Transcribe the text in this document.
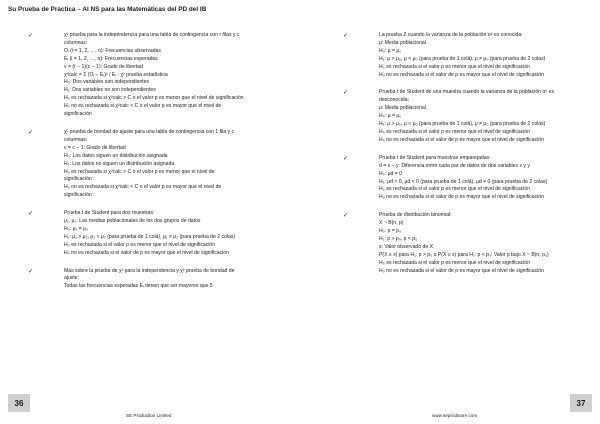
Su Prueba de Práctica – AI NS para las Matemáticas del PD del IB
✓	χ² prueba para la independencia para una tabla de contingencia con r filas y c
columnas:
Oᵢ (i = 1, 2, …, n): Frecuencias observadas
Eᵢ (i = 1, 2, …, n): Frecuencias esperadas
v = (r − 1)(c − 1): Grado de libertad
χ²calc = Σ (Oᵢ − Eᵢ)² / Eᵢ : χ² prueba estadística
H₀: Dos variables son independientes
H₁: Dos variables no son independientes
H₀ es rechazada si χ²calc > C o el valor p es menor que el nivel de significación
H₀ no es rechazada si χ²calc < C o el valor p es mayor que el nivel de
significación
✓	χ² prueba de bondad de ajuste para una tabla de contingencia con 1 fila y c
columnas:
v = c − 1: Grado de libertad
H₀: Los datos siguen un distribución asignada
H₁: Los datos no siguen un distribución asignada
H₀ es rechazada si χ²calc > C o el valor p es menor que el nivel de
significación
H₀ no es rechazada si χ²calc < C o el valor p es mayor que el nivel de
significación
✓	Prueba t de Student para dos muestras:
μ₁, μ₂: Las medias poblacionales de los dos grupos de datos
H₀: μ₁ = μ₂
H₁: μ₁ > μ₂, μ₁ < μ₂ (para prueba de 1 colá), μ₁ ≠ μ₂ (para prueba de 2 colas)
H₀ es rechazada si el valor p es menor que el nivel de significación
H₀ no es rechazada si el valor de p es mayor que el nivel de significación
✓	Más sobre la prueba de χ² para la independencia y χ² prueba de bondad de
ajuste:
Todas las frecuencias esperadas Eᵢ tienen que ser mayores que 5
✓	La prueba Z cuando la varianza de la población σ² es conocida:
μ: Media poblacional
H₀: μ = μ₀
H₁: μ > μ₀, μ < μ₀ (para prueba de 1 colá), μ ≠ μ₀ (para prueba de 2 colas)
H₀ es rechazada si el valor p es menor que el nivel de significación
H₀ no es rechazada si el valor de p es mayor que el nivel de significación
✓	Prueba t de Student de una muestra cuando la varianza de la población σ² es
desconocida:
μ: Media poblacional
H₀: μ = μ₀
H₁: μ > μ₀, μ < μ₀ (para prueba de 1 colá), μ ≠ μ₀ (para prueba de 2 colas)
H₀ es rechazada si el valor p es menor que el nivel de significación
H₀ no es rechazada si el valor de p es mayor que el nivel de significación
✓	Prueba t de Student para muestras emparejadas:
d = x − y: Diferencia entre cada par de datos de dos variables x y y
H₀: μd = 0
H₁: μd > 0, μd < 0 (para prueba de 1 colá), μd ≠ 0 (para prueba de 2 colas)
H₀ es rechazada si el valor p es menor que el nivel de significación
H₀ no es rechazada si el valor de p es mayor que el nivel de significación
✓	Prueba de distribución binomial:
X ~ B(n, p)
H₀: p = p₀
H₁: p > p₀, p < p₀
x: Valor observado de X
P(X ≥ x) para H₁: p > p₀ o P(X ≤ x) para H₁: p < p₀: Valor p bajo X ~ B(n, p₀)
H₀ es rechazada si el valor p es menor que el nivel de significación
H₀ no es rechazada si el valor de p es mayor que el nivel de significación
36	37
SE Production Limited	www.seprodstore.com
